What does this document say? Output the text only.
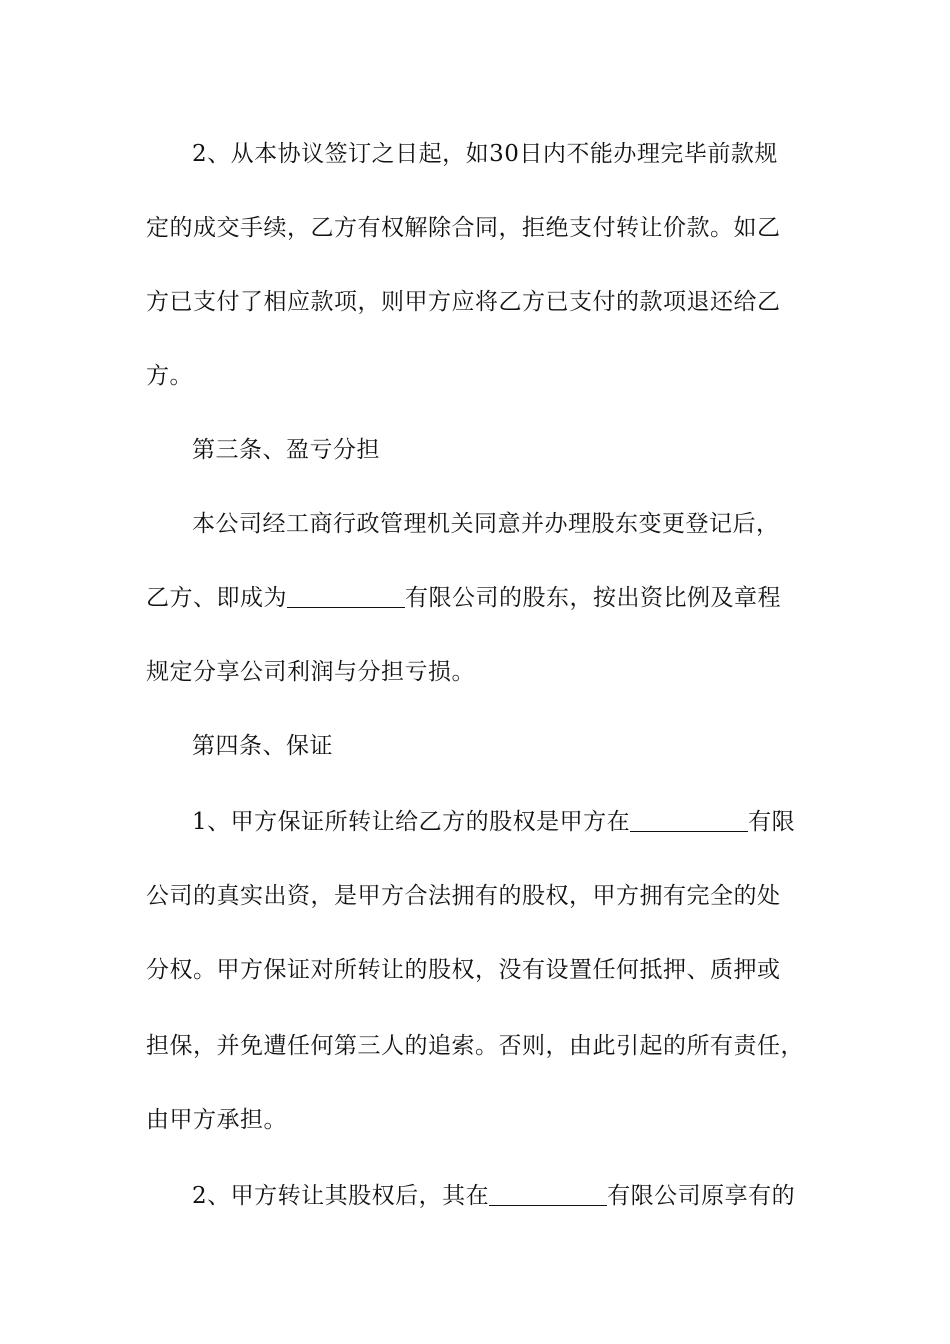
2、从本协议签订之日起，如30日内不能办理完毕前款规
定的成交手续，乙方有权解除合同，拒绝支付转让价款。如乙
方已支付了相应款项，则甲方应将乙方已支付的款项退还给乙
方。
第三条、盈亏分担
本公司经工商行政管理机关同意并办理股东变更登记后，
乙方、即成为	有限公司的股东，按出资比例及章程
规定分享公司利润与分担亏损。
第四条、保证
1、甲方保证所转让给乙方的股权是甲方在	有限
公司的真实出资，是甲方合法拥有的股权，甲方拥有完全的处
分权。甲方保证对所转让的股权，没有设置任何抵押、质押或
担保，并免遭任何第三人的追索。否则，由此引起的所有责任，
由甲方承担。
2、甲方转让其股权后，其在	有限公司原享有的
